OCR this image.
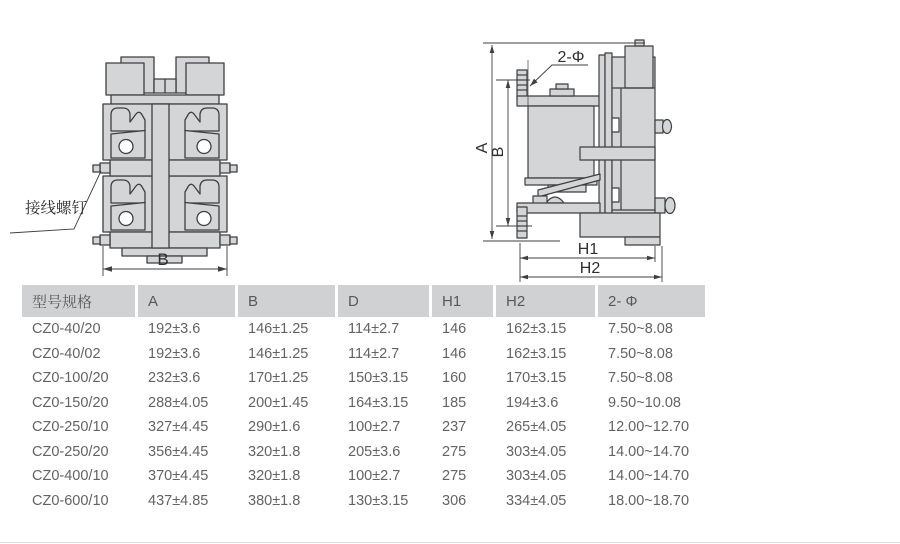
B
接线螺钉
2-Φ
A B
H1
H2
型号规格	A	B	D	H1	H2	2- Φ
CZ0-40/20	192±3.6	146±1.25	114±2.7	146	162±3.15	7.50~8.08
CZ0-40/02	192±3.6	146±1.25	114±2.7	146	162±3.15	7.50~8.08
CZ0-100/20	232±3.6	170±1.25	150±3.15	160	170±3.15	7.50~8.08
CZ0-150/20	288±4.05	200±1.45	164±3.15	185	194±3.6	9.50~10.08
CZ0-250/10	327±4.45	290±1.6	100±2.7	237	265±4.05	12.00~12.70
CZ0-250/20	356±4.45	320±1.8	205±3.6	275	303±4.05	14.00~14.70
CZ0-400/10	370±4.45	320±1.8	100±2.7	275	303±4.05	14.00~14.70
CZ0-600/10	437±4.85	380±1.8	130±3.15	306	334±4.05	18.00~18.70
